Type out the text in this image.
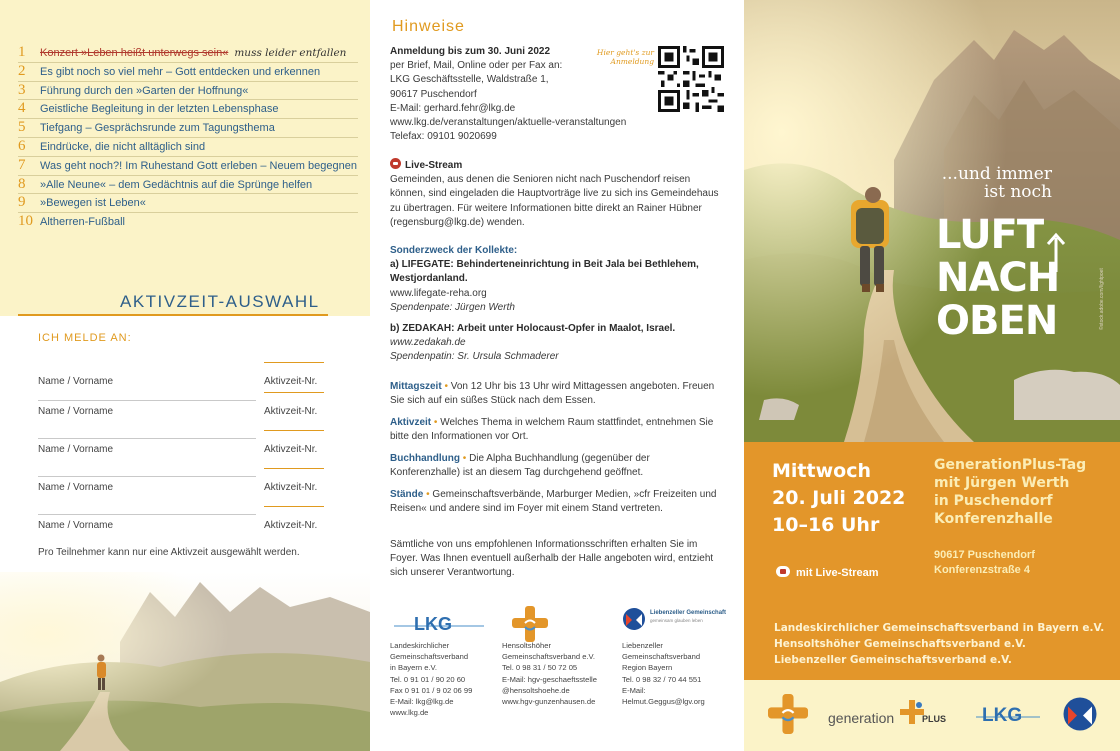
1	Konzert »Leben heißt unterwegs sein« muss leider entfallen
2	Es gibt noch so viel mehr – Gott entdecken und erkennen
3	Führung durch den »Garten der Hoffnung«
4	Geistliche Begleitung in der letzten Lebensphase
5	Tiefgang – Gesprächsrunde zum Tagungsthema
6	Eindrücke, die nicht alltäglich sind
7	Was geht noch?! Im Ruhestand Gott erleben – Neuem begegnen
8	»Alle Neune« – dem Gedächtnis auf die Sprünge helfen
9	»Bewegen ist Leben«
10 Altherren-Fußball
AKTIVZEIT-AUSWAHL
ICH MELDE AN:
Name / Vorname	Aktivzeit-Nr.
Name / Vorname	Aktivzeit-Nr.
Name / Vorname	Aktivzeit-Nr.
Name / Vorname	Aktivzeit-Nr.
Name / Vorname	Aktivzeit-Nr.
Pro Teilnehmer kann nur eine Aktivzeit ausgewählt werden.
Hinweise
Anmeldung bis zum 30. Juni 2022
per Brief, Mail, Online oder per Fax an:
LKG Geschäftsstelle, Waldstraße 1,
90617 Puschendorf
E-Mail: gerhard.fehr@lkg.de
www.lkg.de/veranstaltungen/aktuelle-veranstaltungen
Telefax: 09101 9020699
Hier geht's zur Anmeldung
Live-Stream
Gemeinden, aus denen die Senioren nicht nach Puschendorf reisen können, sind eingeladen die Hauptvorträge live zu sich ins Gemeindehaus zu übertragen. Für weitere Informationen bitte direkt an Rainer Hübner (regensburg@lkg.de) wenden.
Sonderzweck der Kollekte:
a) LIFEGATE: Behinderteneinrichtung in Beit Jala bei Bethlehem, Westjordanland.
www.lifegate-reha.org
Spendenpate: Jürgen Werth
b) ZEDAKAH: Arbeit unter Holocaust-Opfer in Maalot, Israel.
www.zedakah.de
Spendenpatin: Sr. Ursula Schmaderer
Mittagszeit • Von 12 Uhr bis 13 Uhr wird Mittagessen angeboten. Freuen Sie sich auf ein süßes Stück nach dem Essen.
Aktivzeit • Welches Thema in welchem Raum stattfindet, entnehmen Sie bitte den Informationen vor Ort.
Buchhandlung • Die Alpha Buchhandlung (gegenüber der Konferenzhalle) ist an diesem Tag durchgehend geöffnet.
Stände • Gemeinschaftsverbände, Marburger Medien, »cfr Freizeiten und Reisen« und andere sind im Foyer mit einem Stand vertreten.
Sämtliche von uns empfohlenen Informationsschriften erhalten Sie im Foyer. Was Ihnen eventuell außerhalb der Halle angeboten wird, entzieht sich unserer Verantwortung.
LKG
Landeskirchlicher
Gemeinschaftsverband
in Bayern e.V.
Tel. 0 91 01 / 90 20 60
Fax 0 91 01 / 9 02 06 99
E-Mail: lkg@lkg.de
www.lkg.de
Hensoltshöher
Gemeinschaftsverband e.V.
Tel. 0 98 31 / 50 72 05
E-Mail: hgv-geschaeftsstelle
@hensoltshoehe.de
www.hgv-gunzenhausen.de
Liebenzeller Gemeinschaft
gemeinsam glauben leben
Liebenzeller
Gemeinschaftsverband
Region Bayern
Tel. 0 98 32 / 70 44 551
E-Mail:
Helmut.Geggus@lgv.org
...und immer ist noch
LUFT
NACH
OBEN	©stock.adobe.com/lightpoet
Mittwoch
20. Juli 2022
10–16 Uhr
GenerationPlus-Tag
mit Jürgen Werth
in Puschendorf
Konferenzhalle
90617 Puschendorf
Konferenzstraße 4
mit Live-Stream
Landeskirchlicher Gemeinschaftsverband in Bayern e.V.
Hensoltshöher Gemeinschaftsverband e.V.
Liebenzeller Gemeinschaftsverband e.V.
generation	PLUS LKG
